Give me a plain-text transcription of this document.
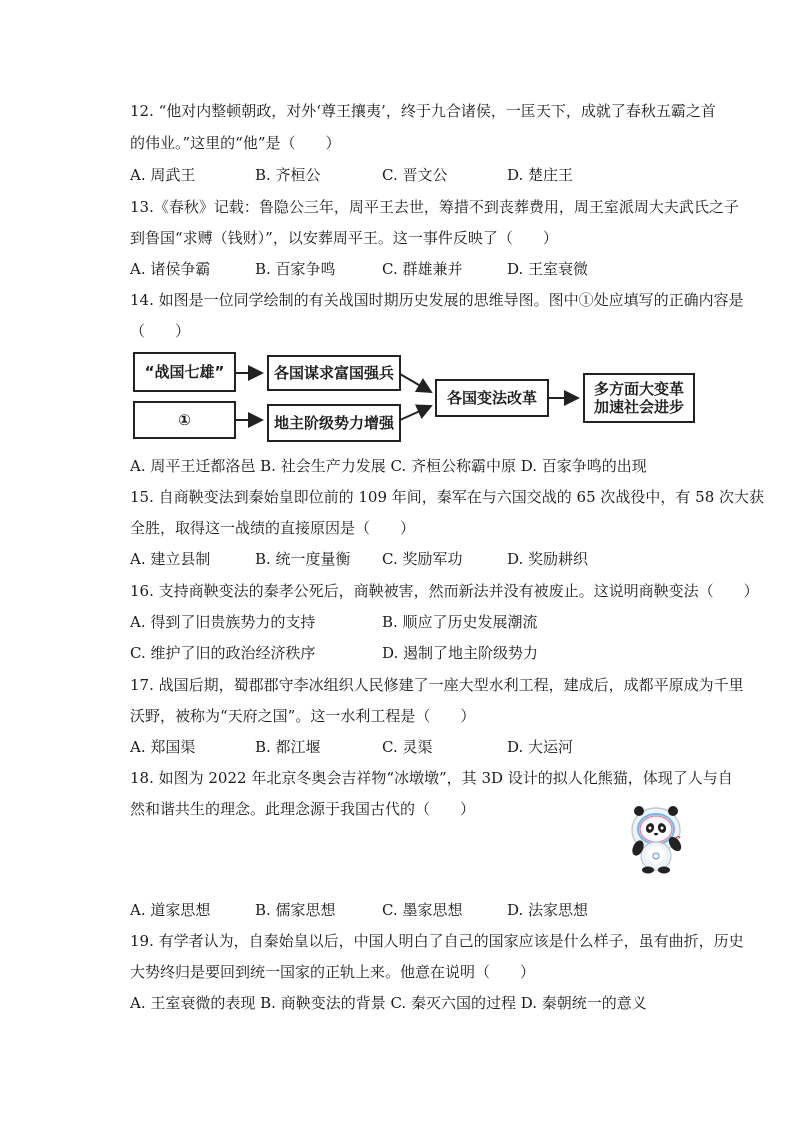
12. “他对内整顿朝政，对外‘尊王攘夷’，终于九合诸侯，一匡天下，成就了春秋五霸之首
的伟业。”这里的“他”是（　　）
A. 周武王	B. 齐桓公	C. 晋文公	D. 楚庄王
13.《春秋》记载：鲁隐公三年，周平王去世，筹措不到丧葬费用，周王室派周大夫武氏之子
到鲁国“求赙（钱财）”，以安葬周平王。这一事件反映了（　　）
A. 诸侯争霸	B. 百家争鸣	C. 群雄兼并	D. 王室衰微
14. 如图是一位同学绘制的有关战国时期历史发展的思维导图。图中①处应填写的正确内容是
（　　）
“战国七雄”
①
各国谋求富国强兵
地主阶级势力增强
各国变法改革	多方面大变革
加速社会进步
A. 周平王迁都洛邑 B. 社会生产力发展 C. 齐桓公称霸中原 D. 百家争鸣的出现
15. 自商鞅变法到秦始皇即位前的 109 年间，秦军在与六国交战的 65 次战役中，有 58 次大获
全胜，取得这一战绩的直接原因是（　　）
A. 建立县制	B. 统一度量衡 C. 奖励军功	D. 奖励耕织
16. 支持商鞅变法的秦孝公死后，商鞅被害，然而新法并没有被废止。这说明商鞅变法（　　）
A. 得到了旧贵族势力的支持	B. 顺应了历史发展潮流
C. 维护了旧的政治经济秩序	D. 遏制了地主阶级势力
17. 战国后期，蜀郡郡守李冰组织人民修建了一座大型水利工程，建成后，成都平原成为千里
沃野，被称为“天府之国”。这一水利工程是（　　）
A. 郑国渠	B. 都江堰	C. 灵渠	D. 大运河
18. 如图为 2022 年北京冬奥会吉祥物“冰墩墩”，其 3D 设计的拟人化熊猫，体现了人与自
然和谐共生的理念。此理念源于我国古代的（　　）
A. 道家思想	B. 儒家思想	C. 墨家思想	D. 法家思想
19. 有学者认为，自秦始皇以后，中国人明白了自己的国家应该是什么样子，虽有曲折，历史
大势终归是要回到统一国家的正轨上来。他意在说明（　　）
A. 王室衰微的表现 B. 商鞅变法的背景 C. 秦灭六国的过程 D. 秦朝统一的意义
